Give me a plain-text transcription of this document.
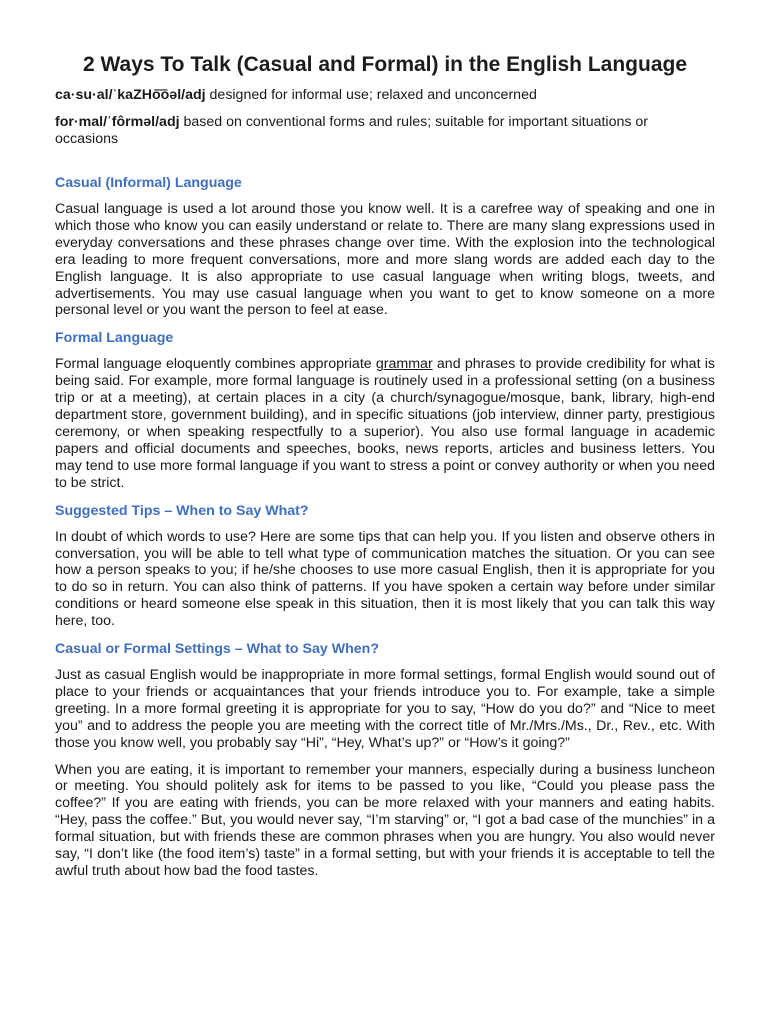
2 Ways To Talk (Casual and Formal) in the English Language

ca·su·al/ˈkaZHo͞oəl/adj designed for informal use; relaxed and unconcerned

for·mal/ˈfôrməl/adj based on conventional forms and rules; suitable for important situations or occasions

Casual (Informal) Language

Casual language is used a lot around those you know well. It is a carefree way of speaking and one in which those who know you can easily understand or relate to. There are many slang expressions used in everyday conversations and these phrases change over time. With the explosion into the technological era leading to more frequent conversations, more and more slang words are added each day to the English language. It is also appropriate to use casual language when writing blogs, tweets, and advertisements. You may use casual language when you want to get to know someone on a more personal level or you want the person to feel at ease.

Formal Language

Formal language eloquently combines appropriate grammar and phrases to provide credibility for what is being said. For example, more formal language is routinely used in a professional setting (on a business trip or at a meeting), at certain places in a city (a church/synagogue/mosque, bank, library, high-end department store, government building), and in specific situations (job interview, dinner party, prestigious ceremony, or when speaking respectfully to a superior). You also use formal language in academic papers and official documents and speeches, books, news reports, articles and business letters. You may tend to use more formal language if you want to stress a point or convey authority or when you need to be strict.

Suggested Tips – When to Say What?

In doubt of which words to use? Here are some tips that can help you. If you listen and observe others in conversation, you will be able to tell what type of communication matches the situation. Or you can see how a person speaks to you; if he/she chooses to use more casual English, then it is appropriate for you to do so in return. You can also think of patterns. If you have spoken a certain way before under similar conditions or heard someone else speak in this situation, then it is most likely that you can talk this way here, too.

Casual or Formal Settings – What to Say When?

Just as casual English would be inappropriate in more formal settings, formal English would sound out of place to your friends or acquaintances that your friends introduce you to. For example, take a simple greeting. In a more formal greeting it is appropriate for you to say, “How do you do?” and “Nice to meet you” and to address the people you are meeting with the correct title of Mr./Mrs./Ms., Dr., Rev., etc. With those you know well, you probably say “Hi”, “Hey, What’s up?” or “How’s it going?”

When you are eating, it is important to remember your manners, especially during a business luncheon or meeting. You should politely ask for items to be passed to you like, “Could you please pass the coffee?” If you are eating with friends, you can be more relaxed with your manners and eating habits. “Hey, pass the coffee.” But, you would never say, “I’m starving” or, “I got a bad case of the munchies” in a formal situation, but with friends these are common phrases when you are hungry. You also would never say, “I don’t like (the food item’s) taste” in a formal setting, but with your friends it is acceptable to tell the awful truth about how bad the food tastes.
